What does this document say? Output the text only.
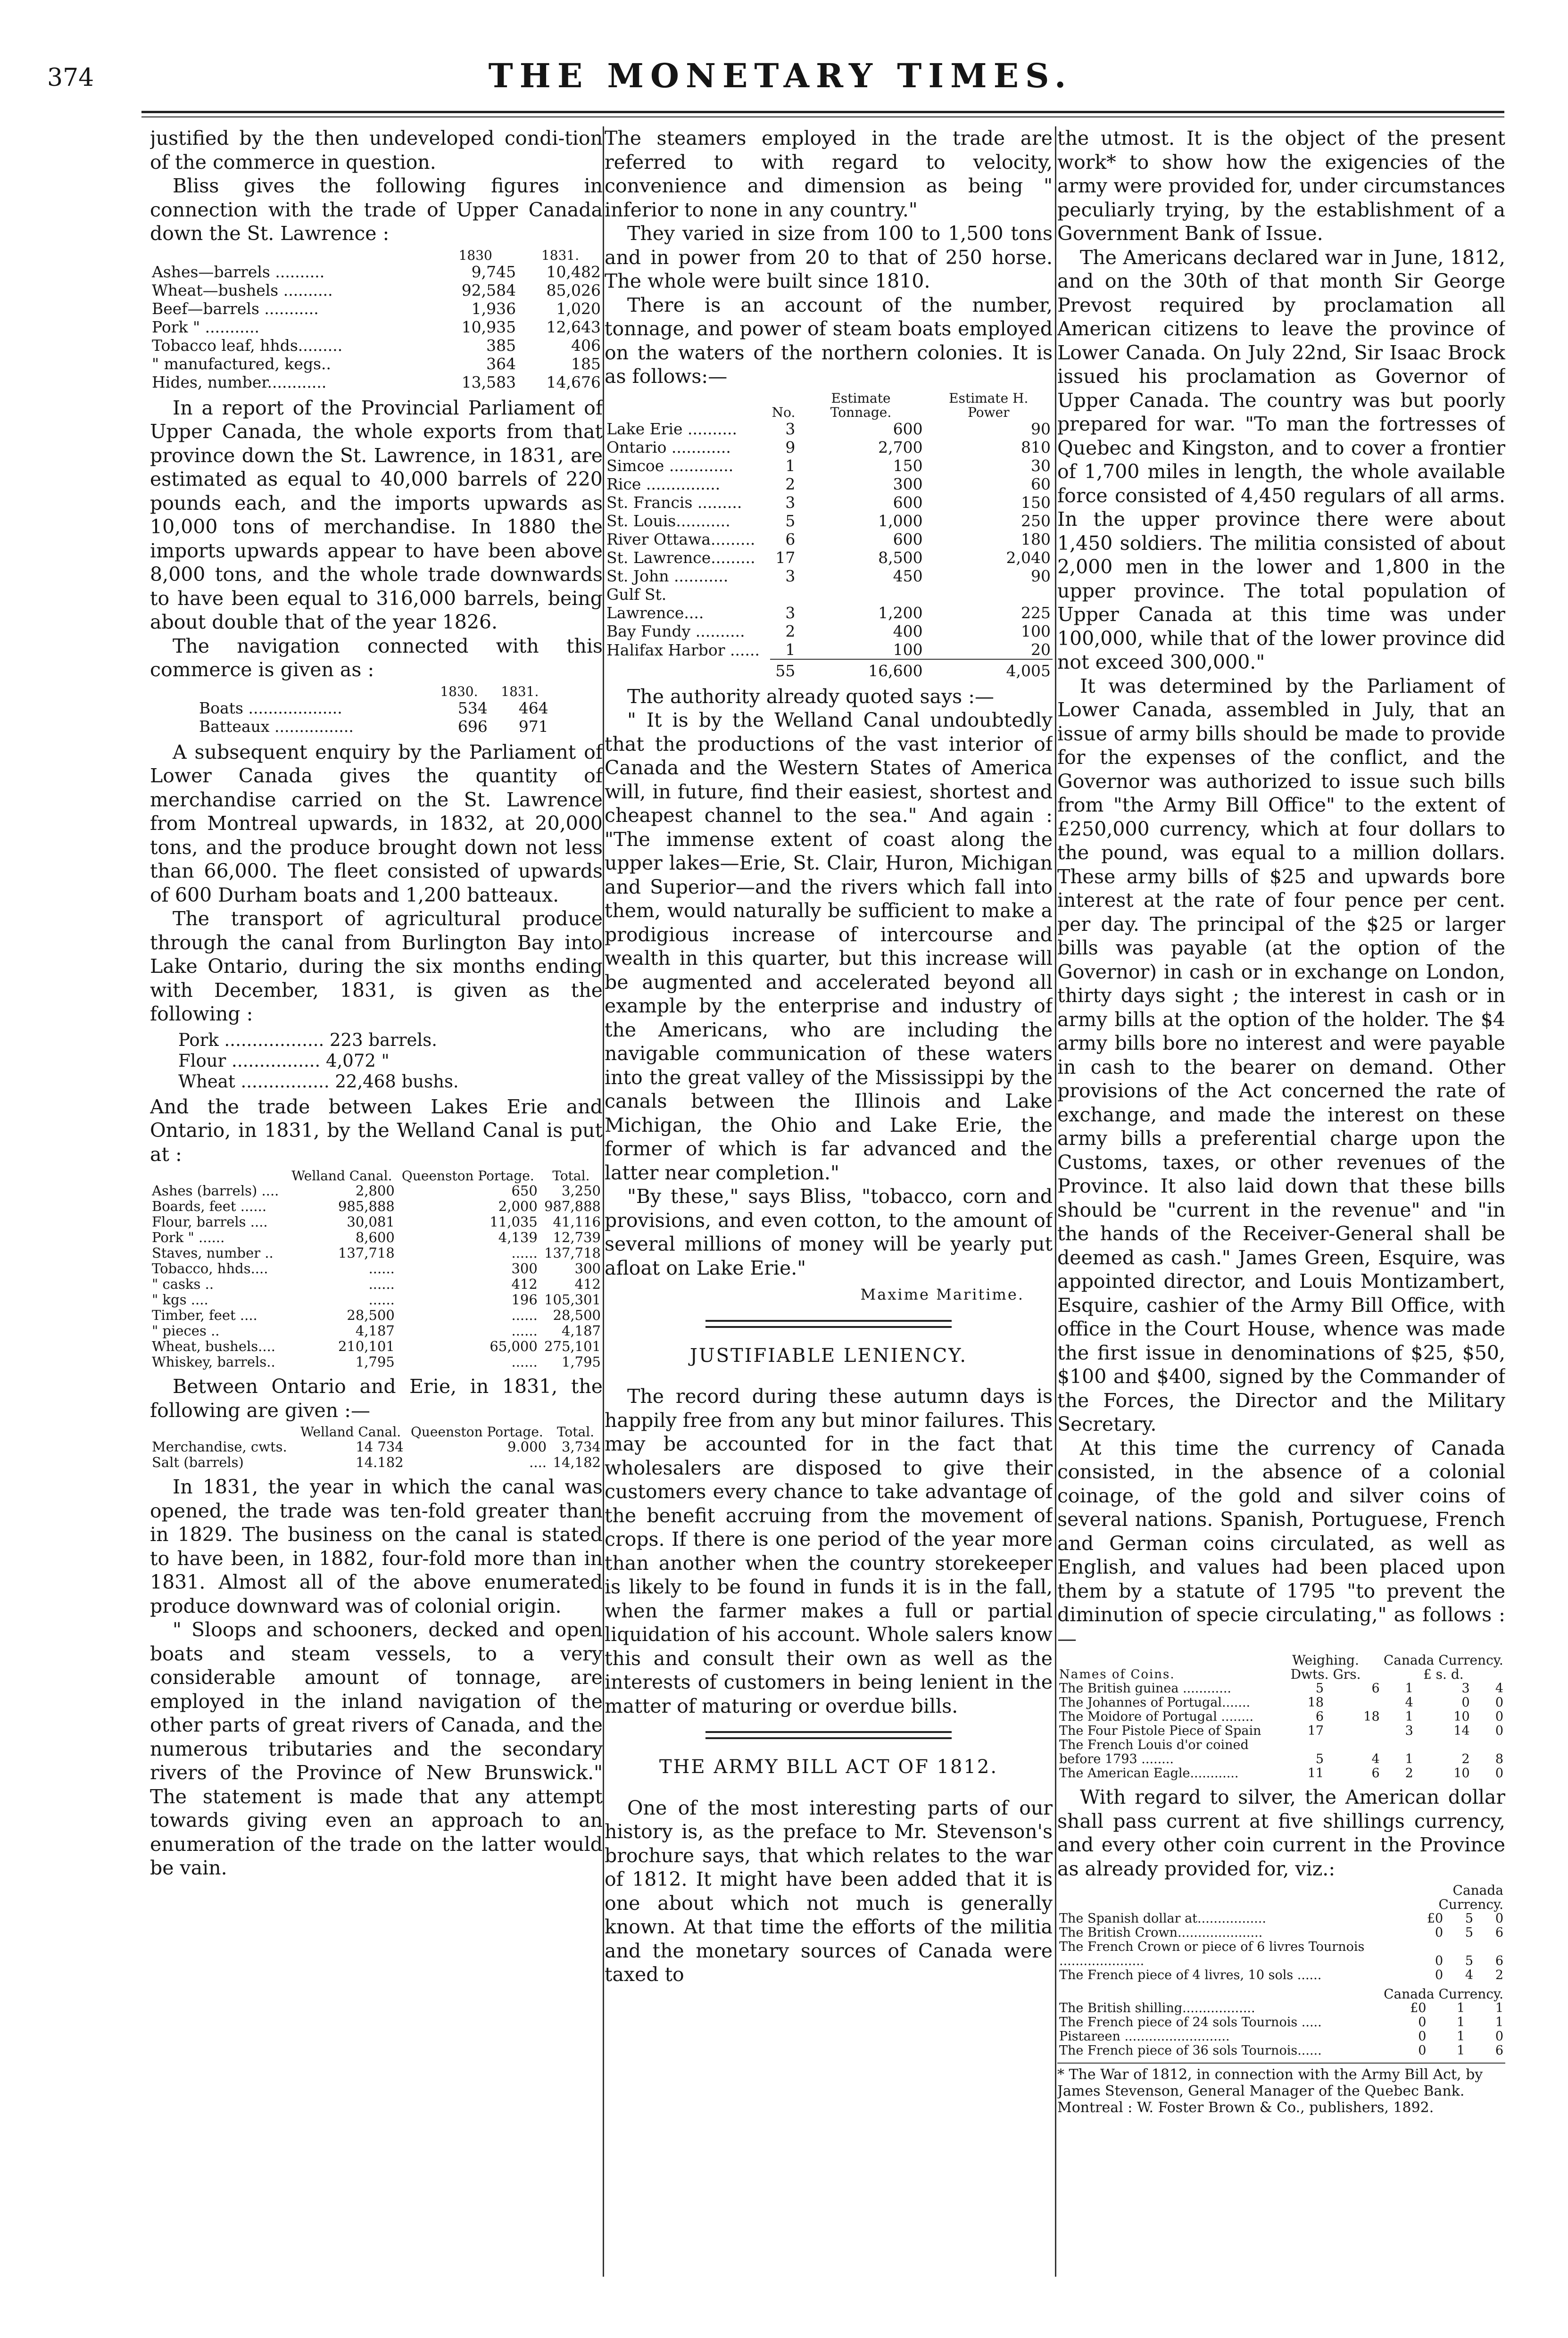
374	THE MONETARY TIMES.

justified by the then undeveloped condi-tion of the commerce in question.

Bliss gives the following figures in connection with the trade of Upper Canada down the St. Lawrence :

	1830	1831.
Ashes—barrels ..........	9,745	10,482
Wheat—bushels ..........	92,584	85,026
Beef—barrels ...........	1,936	1,020
Pork " ...........	10,935	12,643
Tobacco leaf, hhds.........	385	406
" manufactured, kegs..	364	185
Hides, number............	13,583	14,676

In a report of the Provincial Parliament of Upper Canada, the whole exports from that province down the St. Lawrence, in 1831, are estimated as equal to 40,000 barrels of 220 pounds each, and the imports upwards as 10,000 tons of merchandise. In 1880 the imports upwards appear to have been above 8,000 tons, and the whole trade downwards to have been equal to 316,000 barrels, being about double that of the year 1826.

The navigation connected with this commerce is given as :

	1830.	1831.
Boats ...................	534	464
Batteaux ................	696	971

A subsequent enquiry by the Parliament of Lower Canada gives the quantity of merchandise carried on the St. Lawrence from Montreal upwards, in 1832, at 20,000 tons, and the produce brought down not less than 66,000. The fleet consisted of upwards of 600 Durham boats and 1,200 batteaux.

The transport of agricultural produce through the canal from Burlington Bay into Lake Ontario, during the six months ending with December, 1831, is given as the following :

Pork .................. 223 barrels.
Flour ................ 4,072 "
Wheat ................ 22,468 bushs.

And the trade between Lakes Erie and Ontario, in 1831, by the Welland Canal is put at :

	Welland Canal.	Queenston Portage.	Total.
Ashes (barrels) ....	2,800	650	3,250
Boards, feet ......	985,888	2,000	987,888
Flour, barrels ....	30,081	11,035	41,116
Pork " ......	8,600	4,139	12,739
Staves, number ..	137,718	......	137,718
Tobacco, hhds....	......	300	300
" casks ..	......	412	412
" kgs ....	......	196	105,301
Timber, feet ....	28,500	......	28,500
" pieces ..	4,187	......	4,187
Wheat, bushels....	210,101	65,000	275,101
Whiskey, barrels..	1,795	......	1,795

Between Ontario and Erie, in 1831, the following are given :—

	Welland Canal.	Queenston Portage.	Total.
Merchandise, cwts.	14 734	9.000	3,734
Salt (barrels)	14.182	....	14,182

In 1831, the year in which the canal was opened, the trade was ten-fold greater than in 1829. The business on the canal is stated to have been, in 1882, four-fold more than in 1831. Almost all of the above enumerated produce downward was of colonial origin.

" Sloops and schooners, decked and open boats and steam vessels, to a very considerable amount of tonnage, are employed in the inland navigation of the other parts of great rivers of Canada, and the numerous tributaries and the secondary rivers of the Province of New Brunswick." The statement is made that any attempt towards giving even an approach to an enumeration of the trade on the latter would be vain.

The steamers employed in the trade are referred to with regard to velocity, convenience and dimension as being " inferior to none in any country."

They varied in size from 100 to 1,500 tons and in power from 20 to that of 250 horse. The whole were built since 1810.

There is an account of the number, tonnage, and power of steam boats employed on the waters of the northern colonies. It is as follows:—

	No.	Estimate Tonnage.	Estimate H. Power
Lake Erie ..........	3	600	90
Ontario ............	9	2,700	810
Simcoe .............	1	150	30
Rice ...............	2	300	60
St. Francis .........	3	600	150
St. Louis...........	5	1,000	250
River Ottawa.........	6	600	180
St. Lawrence.........	17	8,500	2,040
St. John ...........	3	450	90
Gulf St. Lawrence....	3	1,200	225
Bay Fundy ..........	2	400	100
Halifax Harbor ......	1	100	20

	55	16,600	4,005

The authority already quoted says :—

" It is by the Welland Canal undoubtedly that the productions of the vast interior of Canada and the Western States of America will, in future, find their easiest, shortest and cheapest channel to the sea." And again : "The immense extent of coast along the upper lakes—Erie, St. Clair, Huron, Michigan and Superior—and the rivers which fall into them, would naturally be sufficient to make a prodigious increase of intercourse and wealth in this quarter, but this increase will be augmented and accelerated beyond all example by the enterprise and industry of the Americans, who are including the navigable communication of these waters into the great valley of the Mississippi by the canals between the Illinois and Lake Michigan, the Ohio and Lake Erie, the former of which is far advanced and the latter near completion."

"By these," says Bliss, "tobacco, corn and provisions, and even cotton, to the amount of several millions of money will be yearly put afloat on Lake Erie."

Maxime Maritime.
JUSTIFIABLE LENIENCY.

The record during these autumn days is happily free from any but minor failures. This may be accounted for in the fact that wholesalers are disposed to give their customers every chance to take advantage of the benefit accruing from the movement of crops. If there is one period of the year more than another when the country storekeeper is likely to be found in funds it is in the fall, when the farmer makes a full or partial liquidation of his account. Whole salers know this and consult their own as well as the interests of customers in being lenient in the matter of maturing or overdue bills.

THE ARMY BILL ACT OF 1812.

One of the most interesting parts of our history is, as the preface to Mr. Stevenson's brochure says, that which relates to the war of 1812. It might have been added that it is one about which not much is generally known. At that time the efforts of the militia and the monetary sources of Canada were taxed to

the utmost. It is the object of the present work* to show how the exigencies of the army were provided for, under circumstances peculiarly trying, by the establishment of a Government Bank of Issue.

The Americans declared war in June, 1812, and on the 30th of that month Sir George Prevost required by proclamation all American citizens to leave the province of Lower Canada. On July 22nd, Sir Isaac Brock issued his proclamation as Governor of Upper Canada. The country was but poorly prepared for war. "To man the fortresses of Quebec and Kingston, and to cover a frontier of 1,700 miles in length, the whole available force consisted of 4,450 regulars of all arms. In the upper province there were about 1,450 soldiers. The militia consisted of about 2,000 men in the lower and 1,800 in the upper province. The total population of Upper Canada at this time was under 100,000, while that of the lower province did not exceed 300,000."

It was determined by the Parliament of Lower Canada, assembled in July, that an issue of army bills should be made to provide for the expenses of the conflict, and the Governor was authorized to issue such bills from "the Army Bill Office" to the extent of £250,000 currency, which at four dollars to the pound, was equal to a million dollars. These army bills of $25 and upwards bore interest at the rate of four pence per cent. per day. The principal of the $25 or larger bills was payable (at the option of the Governor) in cash or in exchange on London, thirty days sight ; the interest in cash or in army bills at the option of the holder. The $4 army bills bore no interest and were payable in cash to the bearer on demand. Other provisions of the Act concerned the rate of exchange, and made the interest on these army bills a preferential charge upon the Customs, taxes, or other revenues of the Province. It also laid down that these bills should be "current in the revenue" and "in the hands of the Receiver-General shall be deemed as cash." James Green, Esquire, was appointed director, and Louis Montizambert, Esquire, cashier of the Army Bill Office, with office in the Court House, whence was made the first issue in denominations of $25, $50, $100 and $400, signed by the Commander of the Forces, the Director and the Military Secretary.

At this time the currency of Canada consisted, in the absence of a colonial coinage, of the gold and silver coins of several nations. Spanish, Portuguese, French and German coins circulated, as well as English, and values had been placed upon them by a statute of 1795 "to prevent the diminution of specie circulating," as follows :—

Names of Coins.	Weighing. Dwts. Grs.		Canada Currency. £ s. d.		
The British guinea ............	5	6	1	3	4
The Johannes of Portugal.......	18		4	0	0
The Moidore of Portugal ........	6	18	1	10	0
The Four Pistole Piece of Spain	17		3	14	0
The French Louis d'or coined before 1793 ........	5	4	1	2	8
The American Eagle............	11	6	2	10	0

With regard to silver, the American dollar shall pass current at five shillings currency, and every other coin current in the Province as already provided for, viz.:

	Canada Currency.		
The Spanish dollar at.................	£0	5	0
The British Crown.....................	0	5	6
The French Crown or piece of 6 livres Tournois .....................	0	5	6
The French piece of 4 livres, 10 sols ......	0	4	2
	Canada Currency.		
The British shilling..................	£0	1	1
The French piece of 24 sols Tournois .....	0	1	1
Pistareen ..........................	0	1	0
The French piece of 36 sols Tournois......	0	1	6
* The War of 1812, in connection with the Army Bill Act, by James Stevenson, General Manager of the Quebec Bank. Montreal : W. Foster Brown & Co., publishers, 1892.
